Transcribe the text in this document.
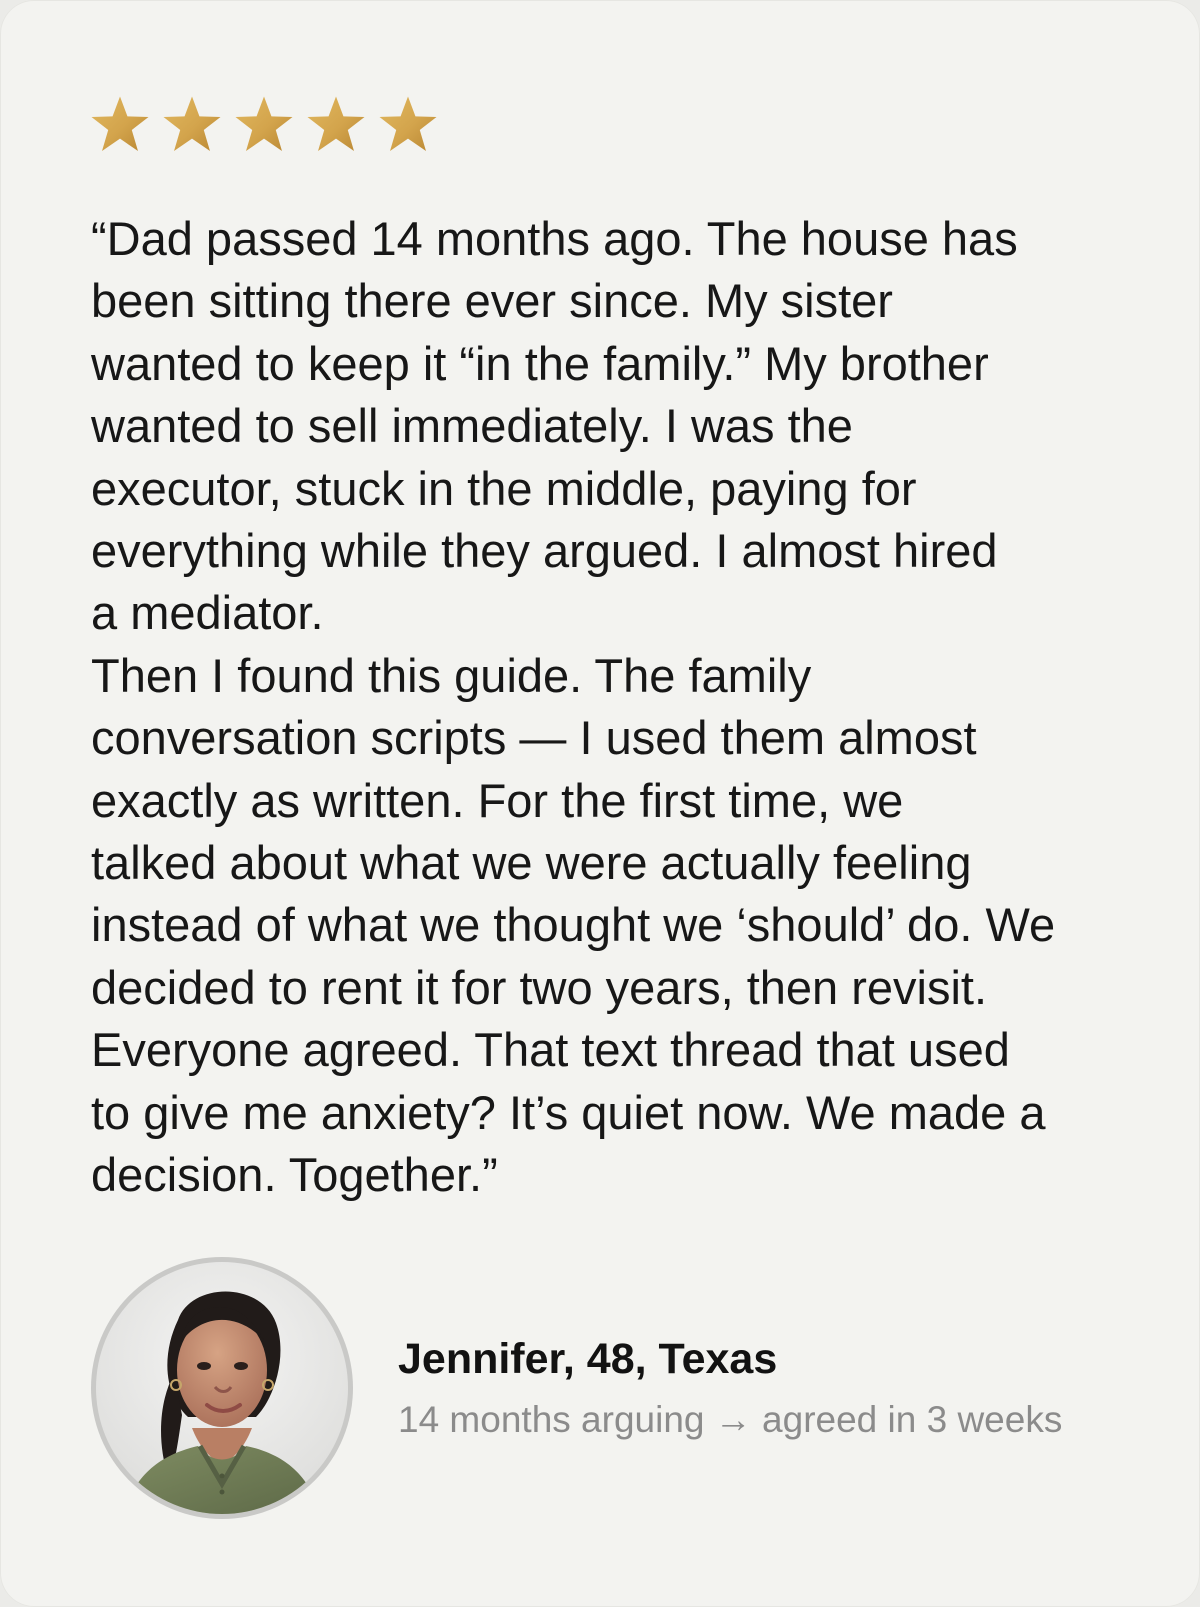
“Dad passed 14 months ago. The house has
been sitting there ever since. My sister
wanted to keep it “in the family.” My brother
wanted to sell immediately. I was the
executor, stuck in the middle, paying for
everything while they argued. I almost hired
a mediator.
Then I found this guide. The family
conversation scripts — I used them almost
exactly as written. For the first time, we
talked about what we were actually feeling
instead of what we thought we ‘should’ do. We
decided to rent it for two years, then revisit.
Everyone agreed. That text thread that used
to give me anxiety? It’s quiet now. We made a
decision. Together.”
Jennifer, 48, Texas
14 months arguing → agreed in 3 weeks
